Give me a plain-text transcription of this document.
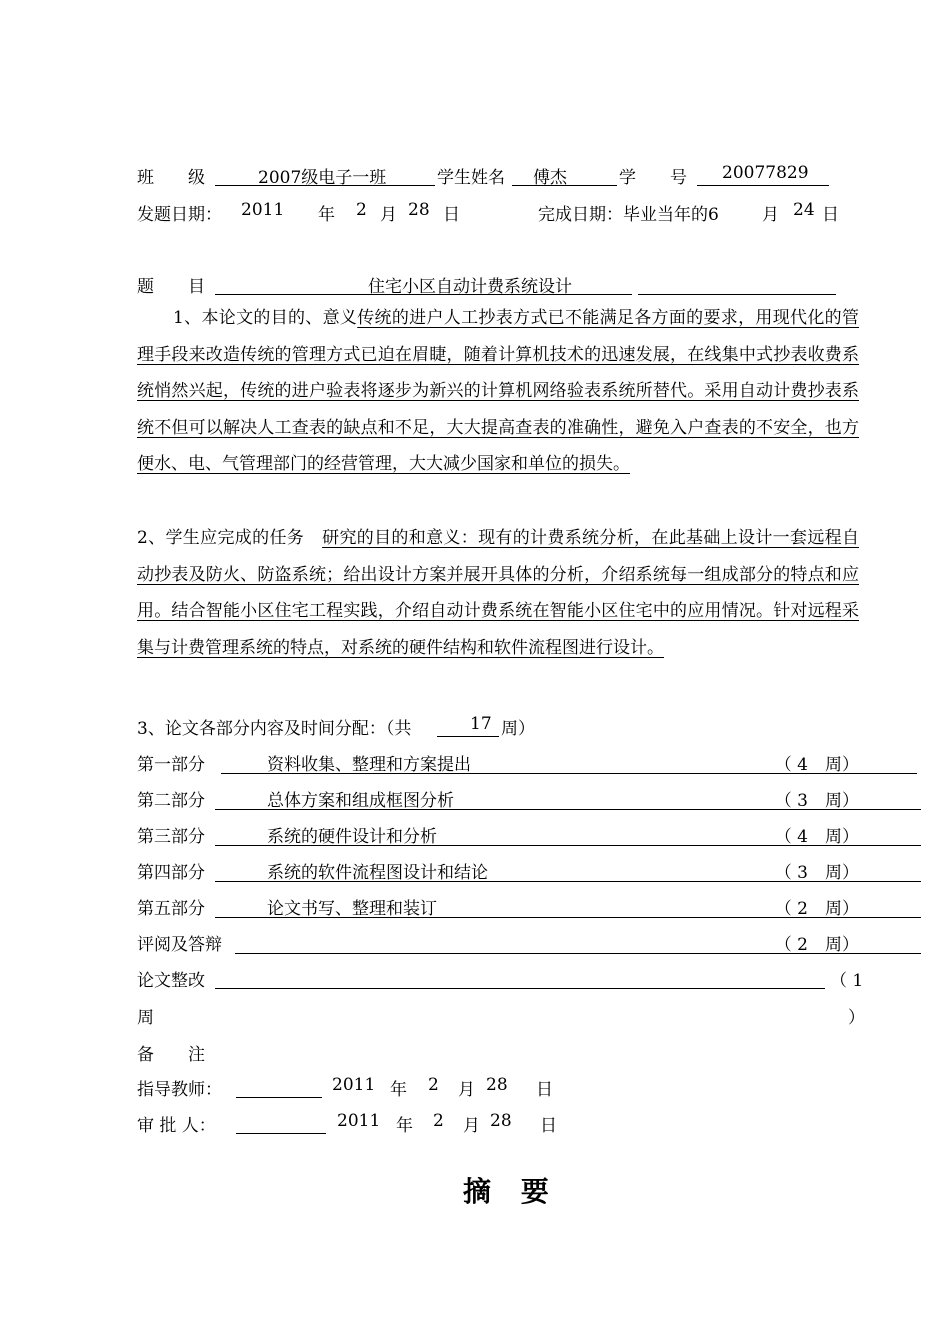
班　　级	2007级电子一班	学生姓名 傅杰	学　　号 20077829
发题日期： 2011 年 2 月 28 日	完成日期：毕业当年的6	月 24 日
题　　目	住宅小区自动计费系统设计
1、本论文的目的、意义传统的进户人工抄表方式已不能满足各方面的要求，用现代化的管理手段来改造传统的管理方式已迫在眉睫，随着计算机技术的迅速发展，在线集中式抄表收费系统悄然兴起，传统的进户验表将逐步为新兴的计算机网络验表系统所替代。采用自动计费抄表系统不但可以解决人工查表的缺点和不足，大大提高查表的准确性，避免入户查表的不安全，也方便水、电、气管理部门的经营管理，大大减少国家和单位的损失。
2、学生应完成的任务 研究的目的和意义：现有的计费系统分析，在此基础上设计一套远程自动抄表及防火、防盗系统；给出设计方案并展开具体的分析，介绍系统每一组成部分的特点和应用。结合智能小区住宅工程实践，介绍自动计费系统在智能小区住宅中的应用情况。针对远程采集与计费管理系统的特点，对系统的硬件结构和软件流程图进行设计。
3、论文各部分内容及时间分配：（共	17 周）
第一部分	资料收集、整理和方案提出	（ 4　周）
第二部分	总体方案和组成框图分析	（ 3　周）
第三部分	系统的硬件设计和分析	（ 4　周）
第四部分	系统的软件流程图设计和结论	（ 3　周）
第五部分	论文书写、整理和装订	（ 2　周）
评阅及答辩	（ 2　周）
论文整改	（ 1
周	）
备　　注
指导教师：	2011 年 2 月 28 日
审 批 人：	2011 年 2 月 28 日
摘 要
